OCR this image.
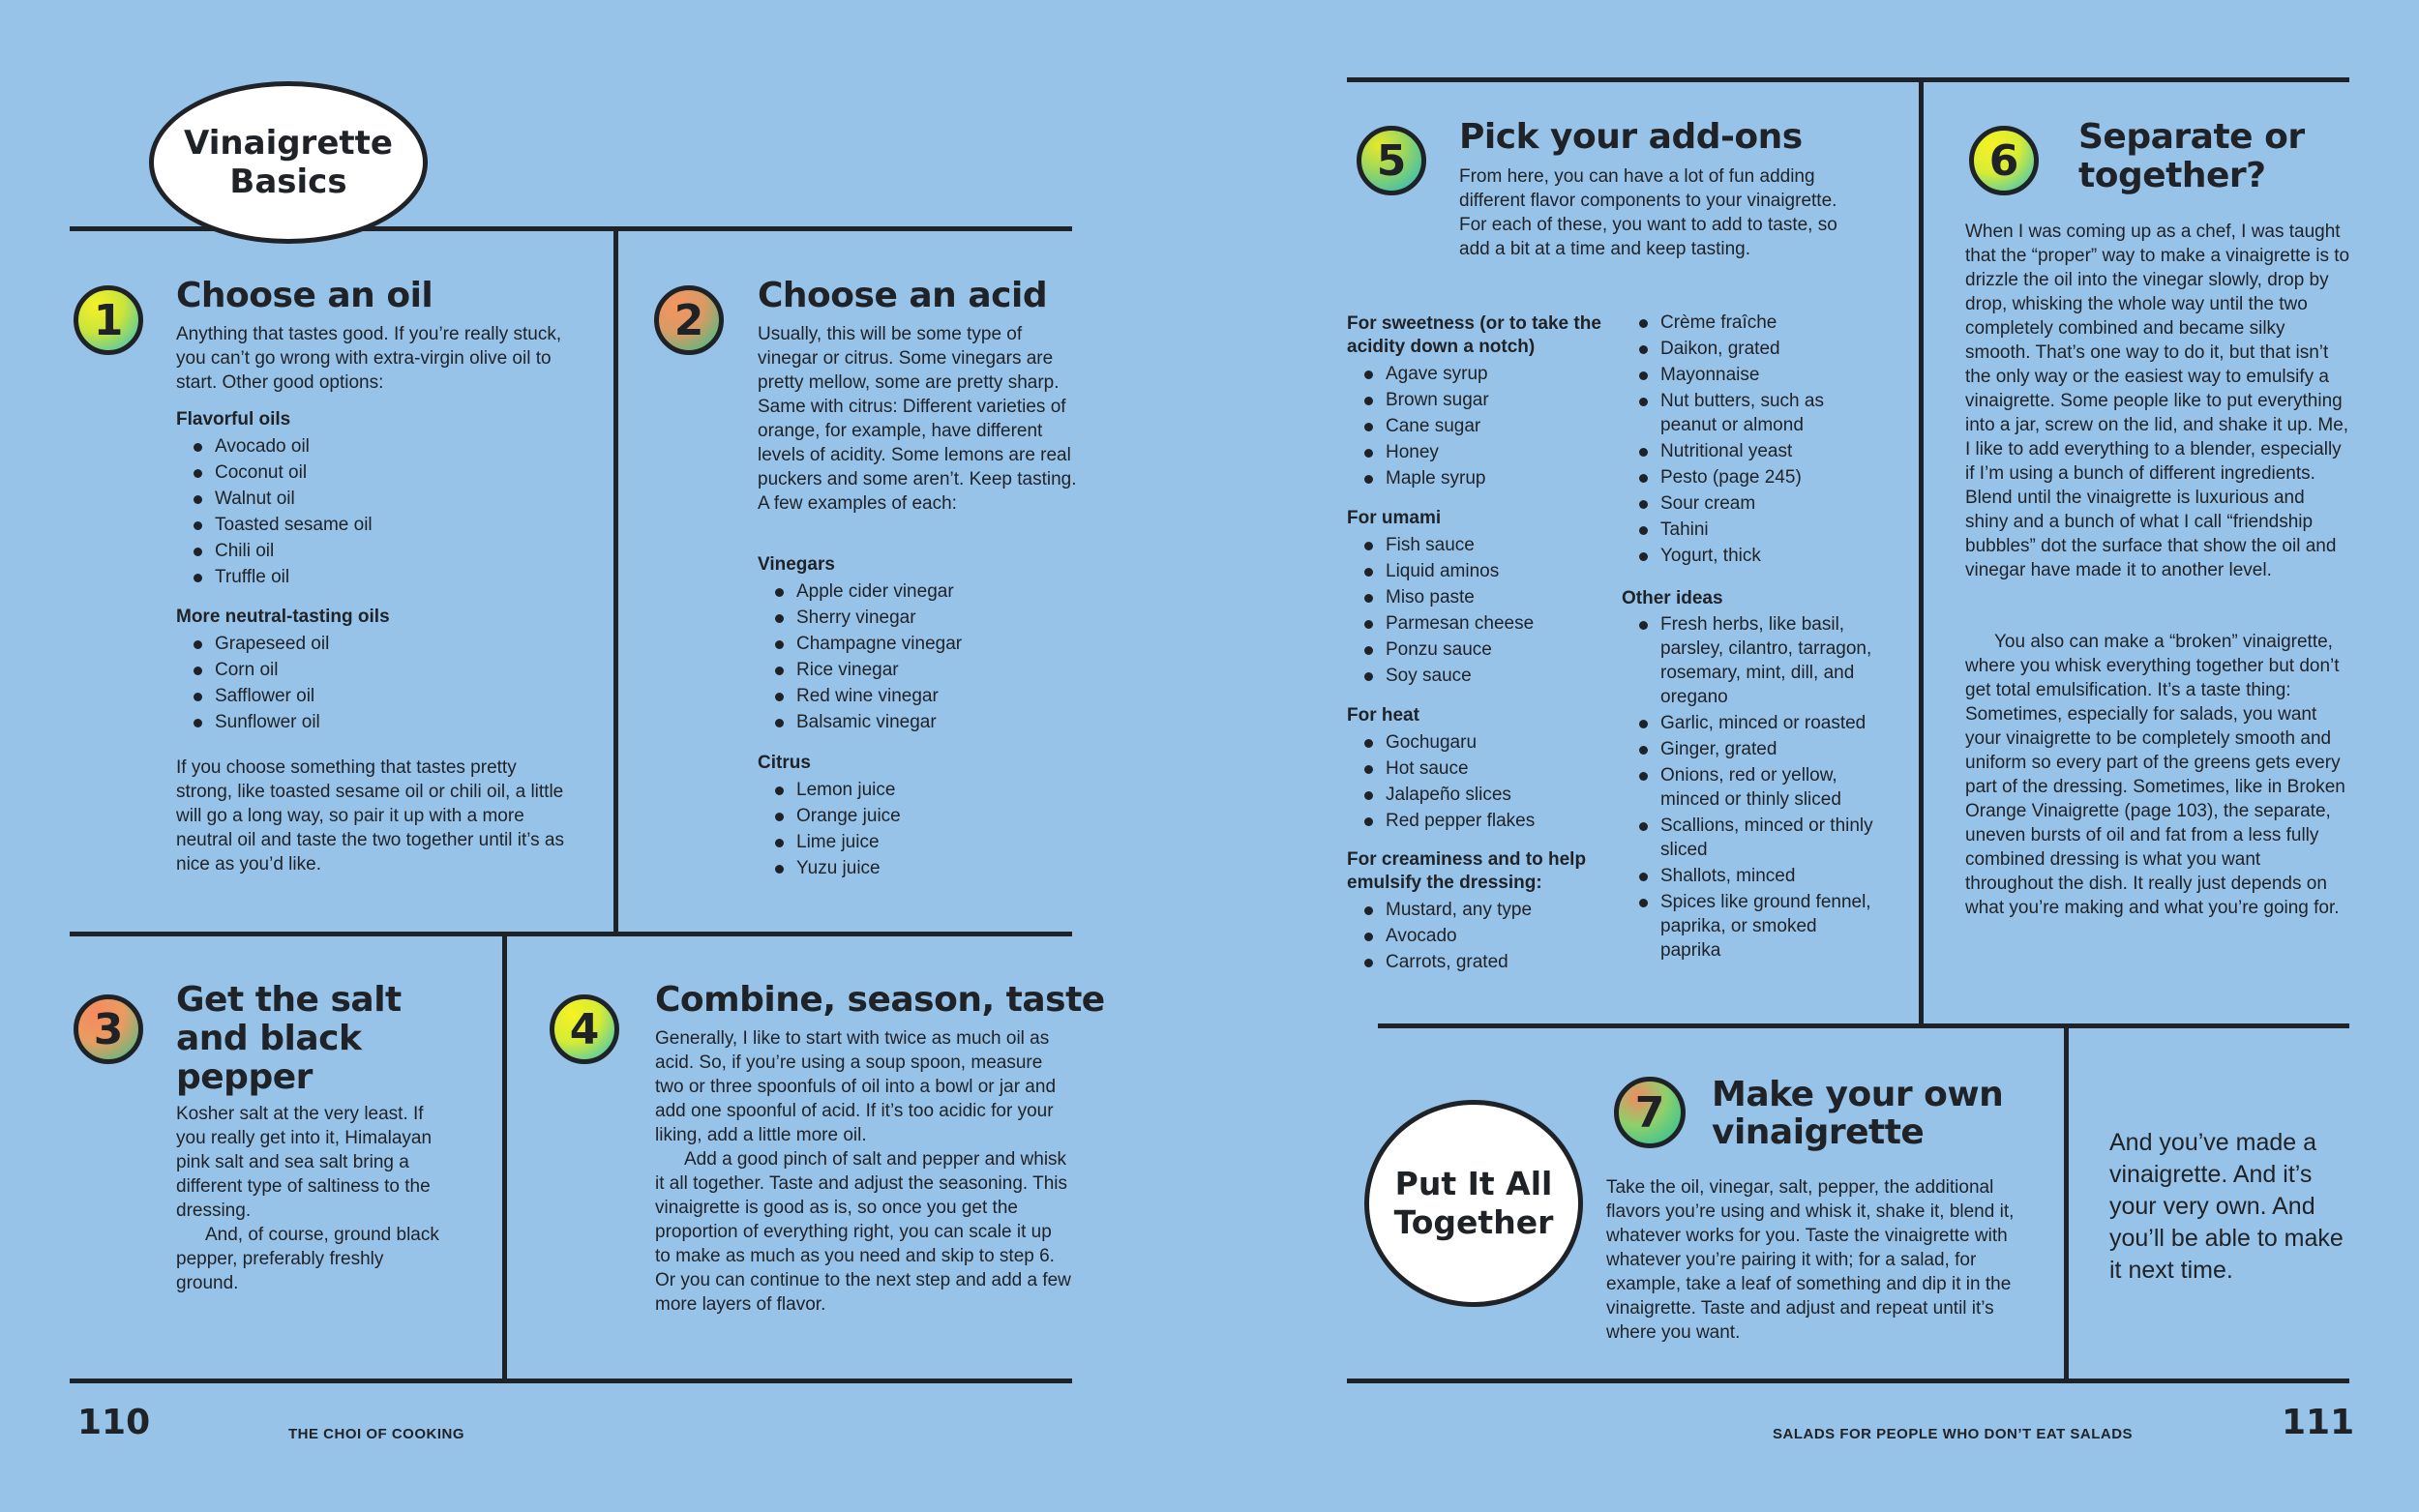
Vinaigrette Basics
1 Choose an oil

Anything that tastes good. If you’re really stuck, you can’t go wrong with extra-virgin olive oil to start. Other good options:

Flavorful oils
Avocado oil
Coconut oil
Walnut oil
Toasted sesame oil
Chili oil
Truffle oil
More neutral-tasting oils
Grapeseed oil
Corn oil
Safflower oil
Sunflower oil

If you choose something that tastes pretty strong, like toasted sesame oil or chili oil, a little will go a long way, so pair it up with a more neutral oil and taste the two together until it’s as nice as you’d like.

2 Choose an acid

Usually, this will be some type of vinegar or citrus. Some vinegars are pretty mellow, some are pretty sharp. Same with citrus: Different varieties of orange, for example, have different levels of acidity. Some lemons are real puckers and some aren’t. Keep tasting. A few examples of each:

Vinegars
Apple cider vinegar
Sherry vinegar
Champagne vinegar
Rice vinegar
Red wine vinegar
Balsamic vinegar
Citrus
Lemon juice
Orange juice
Lime juice
Yuzu juice
3
Get the salt
and black
pepper

Kosher salt at the very least. If you really get into it, Himalayan pink salt and sea salt bring a different type of saltiness to the dressing.

And, of course, ground black pepper, preferably freshly ground.

4
Combine, season, taste

Generally, I like to start with twice as much oil as acid. So, if you’re using a soup spoon, measure two or three spoonfuls of oil into a bowl or jar and add one spoonful of acid. If it’s too acidic for your liking, add a little more oil.

Add a good pinch of salt and pepper and whisk it all together. Taste and adjust the seasoning. This vinaigrette is good as is, so once you get the proportion of everything right, you can scale it up to make as much as you need and skip to step 6. Or you can continue to the next step and add a few more layers of flavor.

110	THE CHOI OF COOKING
5 Pick your add-ons

From here, you can have a lot of fun adding different flavor components to your vinaigrette. For each of these, you want to add to taste, so add a bit at a time and keep tasting.

For sweetness (or to take the acidity down a notch)
Agave syrup
Brown sugar
Cane sugar
Honey
Maple syrup
For umami
Fish sauce
Liquid aminos
Miso paste
Parmesan cheese
Ponzu sauce
Soy sauce
For heat
Gochugaru
Hot sauce
Jalapeño slices
Red pepper flakes
For creaminess and to help emulsify the dressing:
Mustard, any type
Avocado
Carrots, grated
Crème fraîche
Daikon, grated
Mayonnaise
Nut butters, such as peanut or almond
Nutritional yeast
Pesto (page 245)
Sour cream
Tahini
Yogurt, thick
Other ideas
Fresh herbs, like basil, parsley, cilantro, tarragon, rosemary, mint, dill, and oregano
Garlic, minced or roasted
Ginger, grated
Onions, red or yellow, minced or thinly sliced
Scallions, minced or thinly sliced
Shallots, minced
Spices like ground fennel, paprika, or smoked paprika
6 Separate or
together?

When I was coming up as a chef, I was taught that the “proper” way to make a vinaigrette is to drizzle the oil into the vinegar slowly, drop by drop, whisking the whole way until the two completely combined and became silky smooth. That’s one way to do it, but that isn’t the only way or the easiest way to emulsify a vinaigrette. Some people like to put everything into a jar, screw on the lid, and shake it up. Me, I like to add everything to a blender, especially if I’m using a bunch of different ingredients. Blend until the vinaigrette is luxurious and shiny and a bunch of what I call “friendship bubbles” dot the surface that show the oil and vinegar have made it to another level.

You also can make a “broken” vinaigrette, where you whisk everything together but don’t get total emulsification. It’s a taste thing: Sometimes, especially for salads, you want your vinaigrette to be completely smooth and uniform so every part of the greens gets every part of the dressing. Sometimes, like in Broken Orange Vinaigrette (page 103), the separate, uneven bursts of oil and fat from a less fully combined dressing is what you want throughout the dish. It really just depends on what you’re making and what you’re going for.

Put It All Together
7 Make your own
vinaigrette

Take the oil, vinegar, salt, pepper, the additional flavors you’re using and whisk it, shake it, blend it, whatever works for you. Taste the vinaigrette with whatever you’re pairing it with; for a salad, for example, take a leaf of something and dip it in the vinaigrette. Taste and adjust and repeat until it’s where you want.

And you’ve made a vinaigrette. And it’s your very own. And you’ll be able to make it next time.

SALADS FOR PEOPLE WHO DON’T EAT SALADS	111
